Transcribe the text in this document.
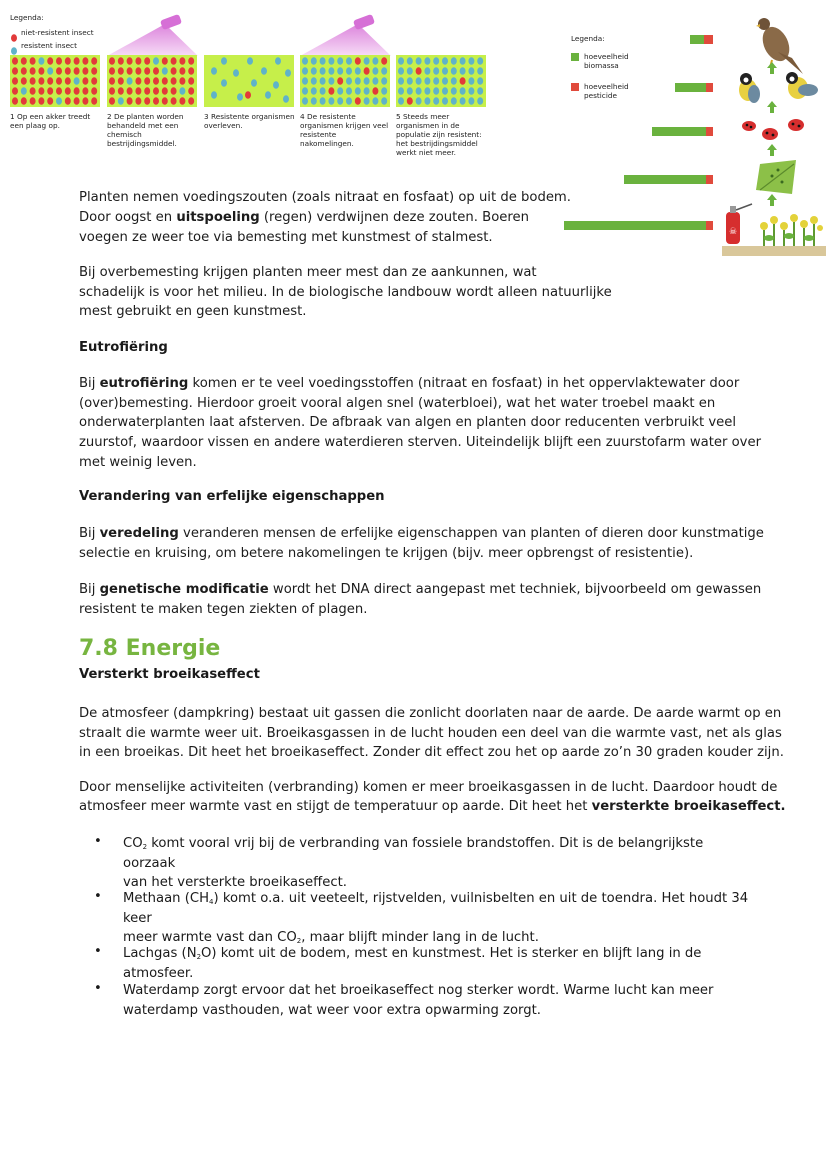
Legenda:
niet-resistent insect
resistent insect
1 Op een akker treedt een plaag op.
2 De planten worden behandeld met een chemisch bestrijdingsmiddel.
3 Resistente organismen overleven.
4 De resistente organismen krijgen veel resistente nakomelingen.
5 Steeds meer organismen in de populatie zijn resistent: het bestrijdingsmiddel werkt niet meer.
Legenda:
hoeveelheid biomassa
hoeveelheid pesticide
☠

Planten nemen voedingszouten (zoals nitraat en fosfaat) op uit de bodem.

Door oogst en uitspoeling (regen) verdwijnen deze zouten. Boeren

voegen ze weer toe via bemesting met kunstmest of stalmest.

Bij overbemesting krijgen planten meer mest dan ze aankunnen, wat

schadelijk is voor het milieu. In de biologische landbouw wordt alleen natuurlijke

mest gebruikt en geen kunstmest.

Eutrofiëring

Bij eutrofiëring komen er te veel voedingsstoffen (nitraat en fosfaat) in het oppervlaktewater door

(over)bemesting. Hierdoor groeit vooral algen snel (waterbloei), wat het water troebel maakt en

onderwaterplanten laat afsterven. De afbraak van algen en planten door reducenten verbruikt veel

zuurstof, waardoor vissen en andere waterdieren sterven. Uiteindelijk blijft een zuurstofarm water over

met weinig leven.

Verandering van erfelijke eigenschappen

Bij veredeling veranderen mensen de erfelijke eigenschappen van planten of dieren door kunstmatige

selectie en kruising, om betere nakomelingen te krijgen (bijv. meer opbrengst of resistentie).

Bij genetische modificatie wordt het DNA direct aangepast met techniek, bijvoorbeeld om gewassen

resistent te maken tegen ziekten of plagen.

7.8 Energie
Versterkt broeikaseffect

De atmosfeer (dampkring) bestaat uit gassen die zonlicht doorlaten naar de aarde. De aarde warmt op en

straalt die warmte weer uit. Broeikasgassen in de lucht houden een deel van die warmte vast, net als glas

in een broeikas. Dit heet het broeikaseffect. Zonder dit effect zou het op aarde zo’n 30 graden kouder zijn.

Door menselijke activiteiten (verbranding) komen er meer broeikasgassen in de lucht. Daardoor houdt de

atmosfeer meer warmte vast en stijgt de temperatuur op aarde. Dit heet het versterkte broeikaseffect.

• $CO_2$ komt vooral vrij bij de verbranding van fossiele brandstoffen. Dit is de belangrijkste oorzaak
van het versterkte broeikaseffect.

• Methaan $(CH_4)$ komt o.a. uit veeteelt, rijstvelden, vuilnisbelten en uit de toendra. Het houdt 34 keer
meer warmte vast dan $CO_2$, maar blijft minder lang in de lucht.

• Lachgas $(N_2O)$ komt uit de bodem, mest en kunstmest. Het is sterker en blijft lang in de atmosfeer.

• Waterdamp zorgt ervoor dat het broeikaseffect nog sterker wordt. Warme lucht kan meer
waterdamp vasthouden, wat weer voor extra opwarming zorgt.
